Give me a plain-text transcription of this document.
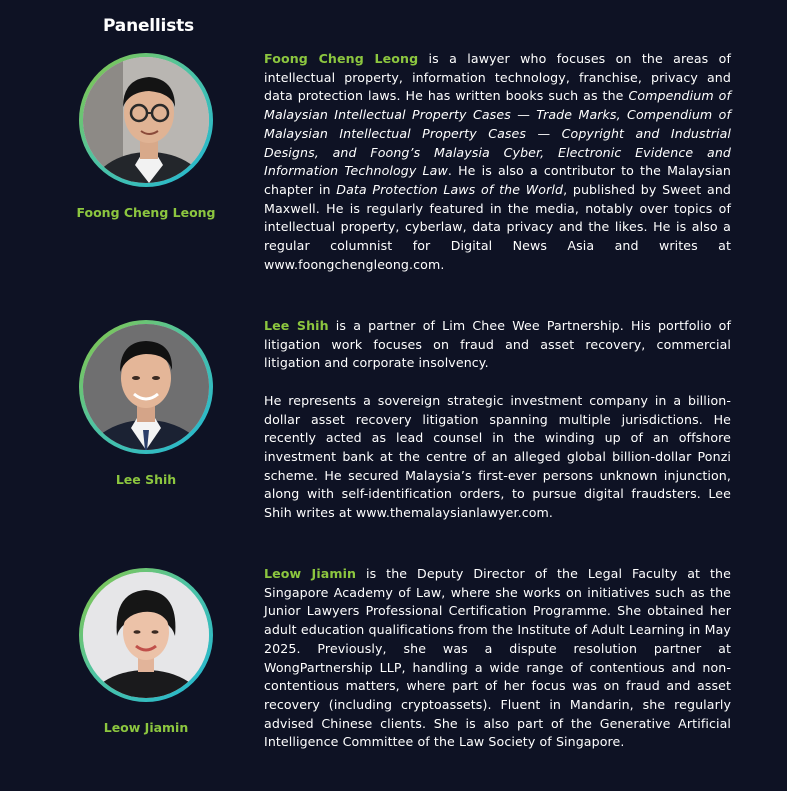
Panellists

Foong Cheng Leong

Foong Cheng Leong is a lawyer who focuses on the areas of intellectual property, information technology, franchise, privacy and data protection laws. He has written books such as the Compendium of Malaysian Intellectual Property Cases — Trade Marks, Compendium of Malaysian Intellectual Property Cases — Copyright and Industrial Designs, and Foong’s Malaysia Cyber, Electronic Evidence and Information Technology Law. He is also a contributor to the Malaysian chapter in Data Protection Laws of the World, published by Sweet and Maxwell. He is regularly featured in the media, notably over topics of intellectual property, cyberlaw, data privacy and the likes. He is also a regular columnist for Digital News Asia and writes at www.foongchengleong.com.

Lee Shih

Lee Shih is a partner of Lim Chee Wee Partnership. His portfolio of litigation work focuses on fraud and asset recovery, commercial litigation and corporate insolvency.

He represents a sovereign strategic investment company in a billion-dollar asset recovery litigation spanning multiple jurisdictions. He recently acted as lead counsel in the winding up of an offshore investment bank at the centre of an alleged global billion-dollar Ponzi scheme. He secured Malaysia’s first-ever persons unknown injunction, along with self-identification orders, to pursue digital fraudsters. Lee Shih writes at www.themalaysianlawyer.com.

Leow Jiamin

Leow Jiamin is the Deputy Director of the Legal Faculty at the Singapore Academy of Law, where she works on initiatives such as the Junior Lawyers Professional Certification Programme. She obtained her adult education qualifications from the Institute of Adult Learning in May 2025. Previously, she was a dispute resolution partner at WongPartnership LLP, handling a wide range of contentious and non-contentious matters, where part of her focus was on fraud and asset recovery (including cryptoassets). Fluent in Mandarin, she regularly advised Chinese clients. She is also part of the Generative Artificial Intelligence Committee of the Law Society of Singapore.
